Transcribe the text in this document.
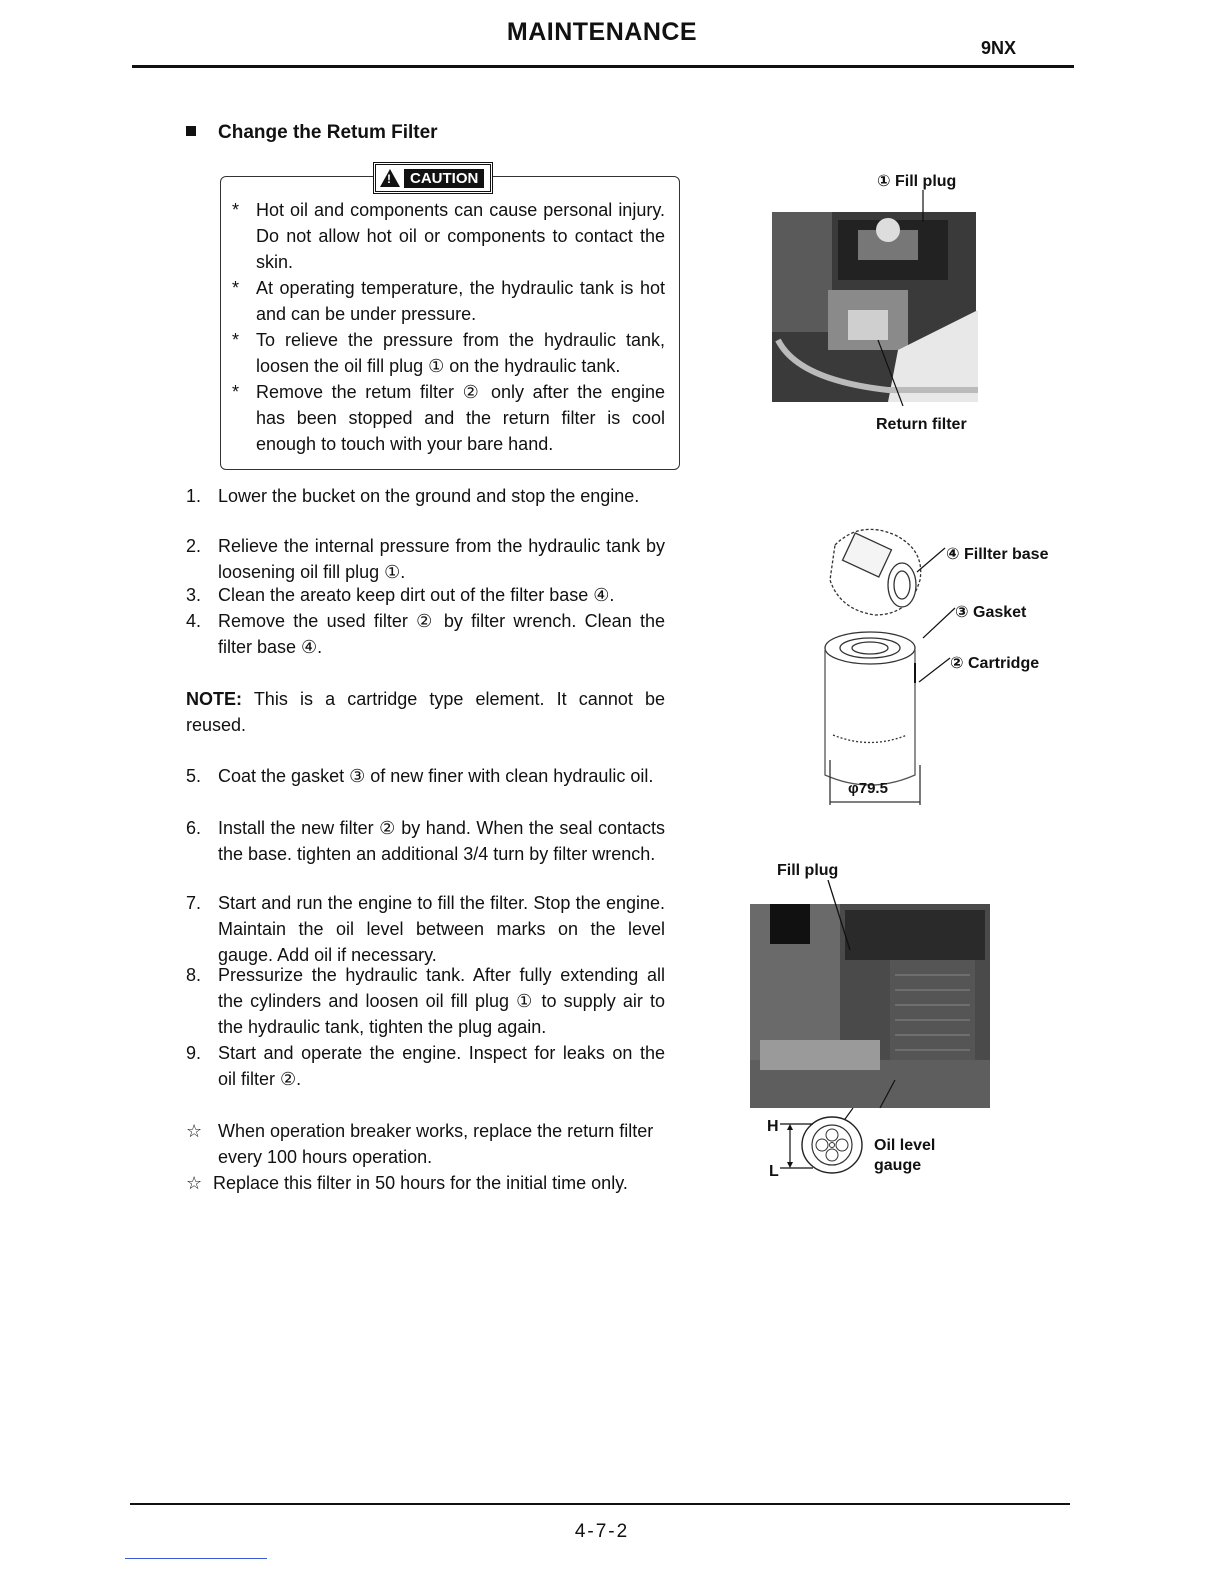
MAINTENANCE
9NX
Change the Retum Filter
!	CAUTION
* Hot oil and components can cause personal injury. Do not allow hot oil or components to contact the skin.
* At operating temperature, the hydraulic tank is hot and can be under pressure.
* To relieve the pressure from the hydraulic tank, loosen the oil fill plug ① on the hydraulic tank.
* Remove the retum filter ② only after the engine has been stopped and the return filter is cool enough to touch with your bare hand.
1. Lower the bucket on the ground and stop the engine.
2. Relieve the internal pressure from the hydraulic tank by loosening oil fill plug ①.
3. Clean the areato keep dirt out of the filter base ④.
4. Remove the used filter ② by filter wrench. Clean the filter base ④.
NOTE: This is a cartridge type element. It cannot be reused.
5. Coat the gasket ③ of new finer with clean hydraulic oil.
6. Install the new filter ② by hand. When the seal contacts the base. tighten an additional 3/4 turn by filter wrench.
7. Start and run the engine to fill the filter. Stop the engine. Maintain the oil level between marks on the level gauge. Add oil if necessary.
8. Pressurize the hydraulic tank. After fully extending all the cylinders and loosen oil fill plug ① to supply air to the hydraulic tank, tighten the plug again.
9. Start and operate the engine. Inspect for leaks on the oil filter ②.
☆ When operation breaker works, replace the return filter every 100 hours operation.
☆ Replace this filter in 50 hours for the initial time only.
① Fill plug
Return filter
φ79.5
④ Fillter base
③ Gasket
② Cartridge
Fill plug
H
L
Oil level
gauge
4-7-2
